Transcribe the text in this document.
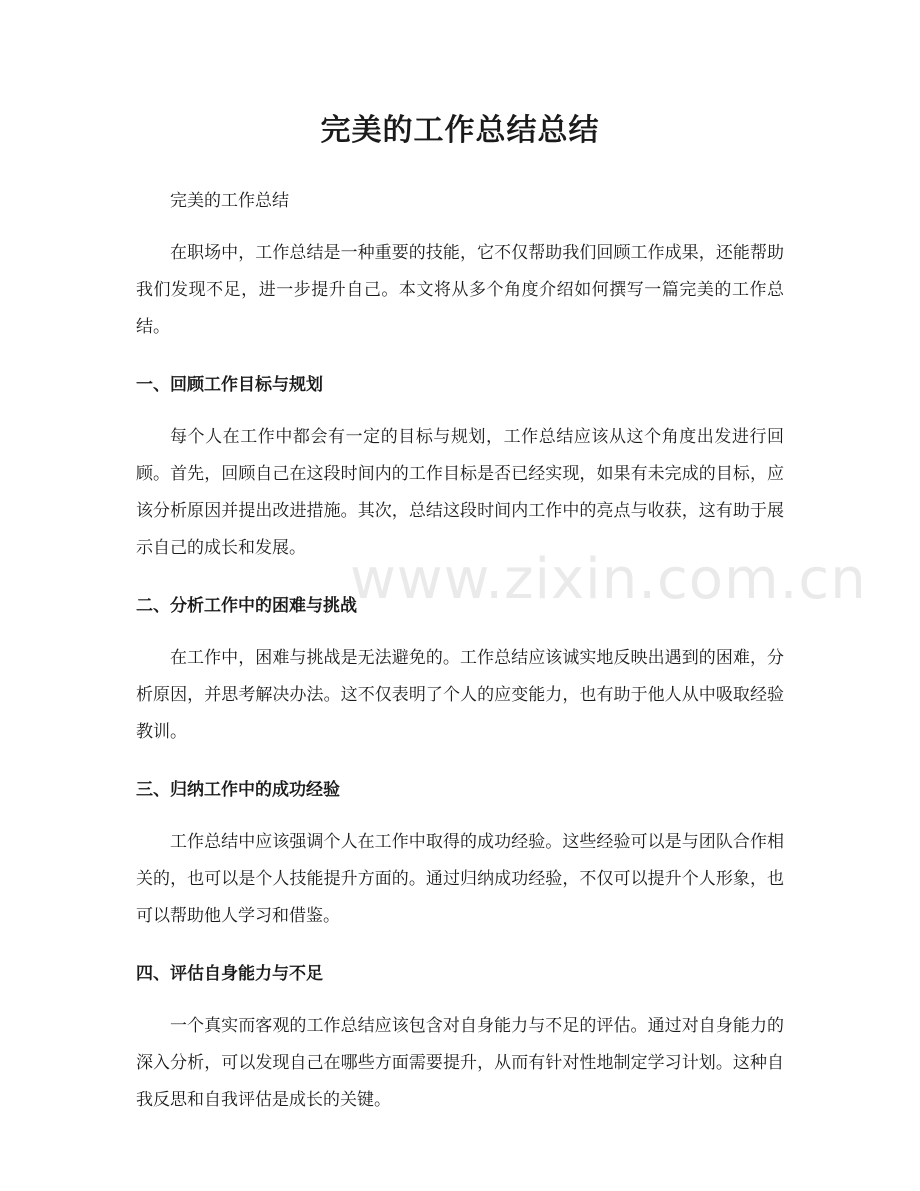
完美的工作总结总结

完美的工作总结

在职场中，工作总结是一种重要的技能，它不仅帮助我们回顾工作成果，还能帮助我们发现不足，进一步提升自己。本文将从多个角度介绍如何撰写一篇完美的工作总结。

一、回顾工作目标与规划

每个人在工作中都会有一定的目标与规划，工作总结应该从这个角度出发进行回顾。首先，回顾自己在这段时间内的工作目标是否已经实现，如果有未完成的目标，应该分析原因并提出改进措施。其次，总结这段时间内工作中的亮点与收获，这有助于展示自己的成长和发展。

二、分析工作中的困难与挑战

在工作中，困难与挑战是无法避免的。工作总结应该诚实地反映出遇到的困难，分析原因，并思考解决办法。这不仅表明了个人的应变能力，也有助于他人从中吸取经验教训。

三、归纳工作中的成功经验

工作总结中应该强调个人在工作中取得的成功经验。这些经验可以是与团队合作相关的，也可以是个人技能提升方面的。通过归纳成功经验，不仅可以提升个人形象，也可以帮助他人学习和借鉴。

四、评估自身能力与不足

一个真实而客观的工作总结应该包含对自身能力与不足的评估。通过对自身能力的深入分析，可以发现自己在哪些方面需要提升，从而有针对性地制定学习计划。这种自我反思和自我评估是成长的关键。

www.zixin.com.cn
